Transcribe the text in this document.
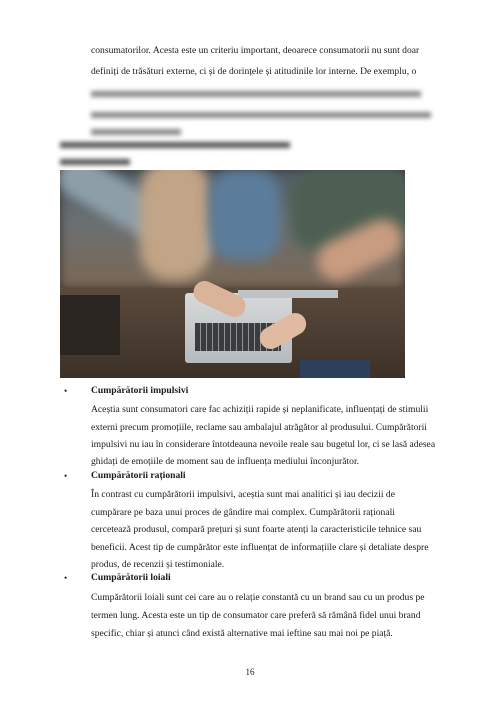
consumatorilor. Acesta este un criteriu important, deoarece consumatorii nu sunt doar

definiți de trăsături externe, ci și de dorințele și atitudinile lor interne. De exemplu, o

• Cumpărătorii impulsivi

Aceștia sunt consumatori care fac achiziții rapide și neplanificate, influențați de stimulii

externi precum promoțiile, reclame sau ambalajul atrăgător al produsului. Cumpărătorii

impulsivi nu iau în considerare întotdeauna nevoile reale sau bugetul lor, ci se lasă adesea

ghidați de emoțiile de moment sau de influența mediului înconjurător.

• Cumpărătorii raționali

În contrast cu cumpărătorii impulsivi, aceștia sunt mai analitici și iau decizii de

cumpărare pe baza unui proces de gândire mai complex. Cumpărătorii raționali

cercetează produsul, compară prețuri și sunt foarte atenți la caracteristicile tehnice sau

beneficii. Acest tip de cumpărător este influențat de informațiile clare și detaliate despre

produs, de recenzii și testimoniale.

• Cumpărătorii loiali

Cumpărătorii loiali sunt cei care au o relație constantă cu un brand sau cu un produs pe

termen lung. Acesta este un tip de consumator care preferă să rămână fidel unui brand

specific, chiar și atunci când există alternative mai ieftine sau mai noi pe piață.

16
